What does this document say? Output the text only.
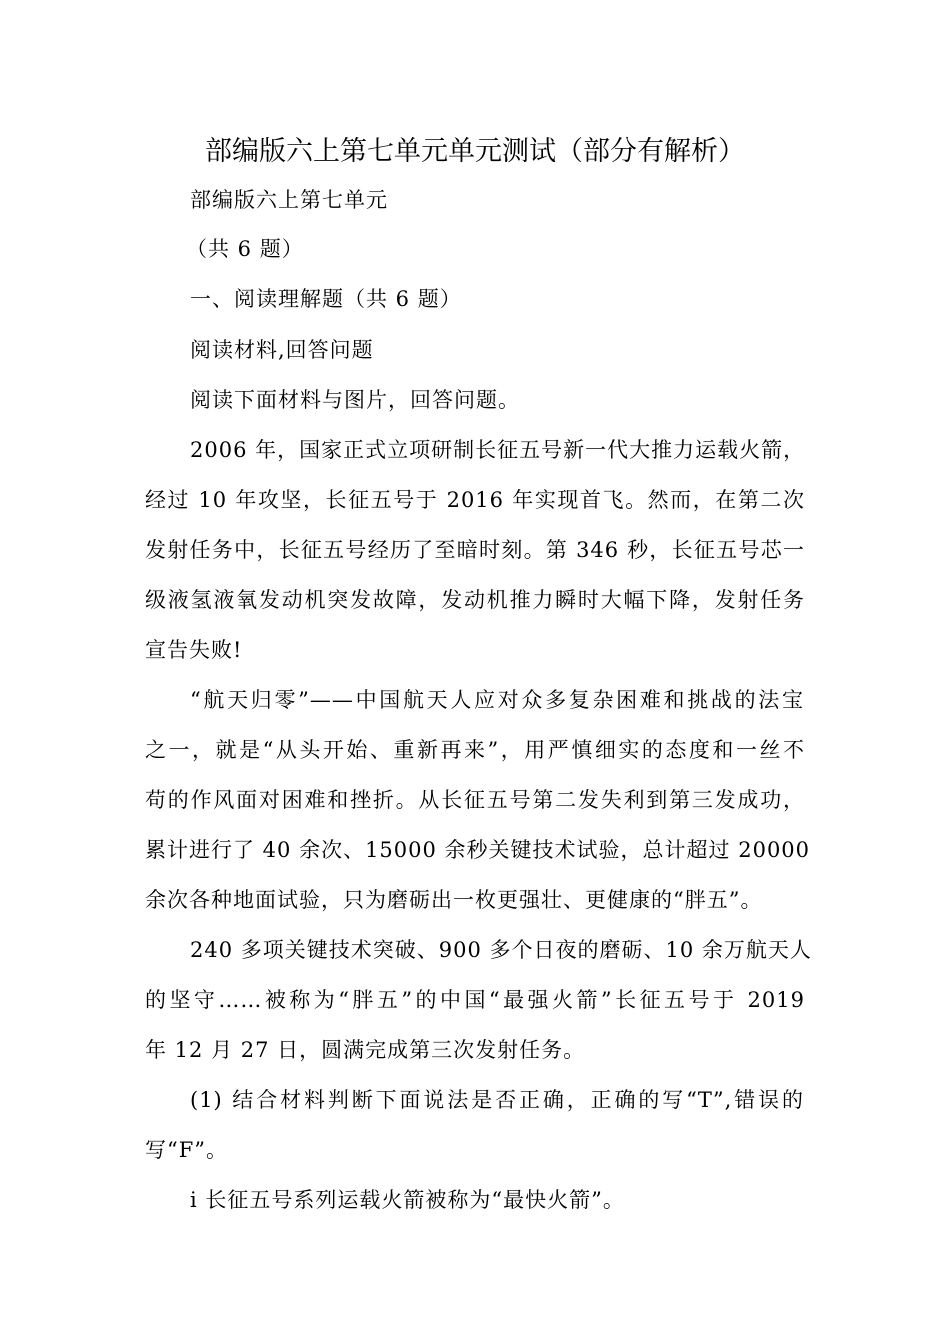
部编版六上第七单元单元测试（部分有解析）
部编版六上第七单元
（共 6 题）
一、阅读理解题（共 6 题）
阅读材料,回答问题
阅读下面材料与图片，回答问题。
2006 年，国家正式立项研制长征五号新一代大推力运载火箭，
经过 10 年攻坚，长征五号于 2016 年实现首飞。然而，在第二次
发射任务中，长征五号经历了至暗时刻。第 346 秒，长征五号芯一
级液氢液氧发动机突发故障，发动机推力瞬时大幅下降，发射任务
宣告失败!
“航天归零”——中国航天人应对众多复杂困难和挑战的法宝
之一，就是“从头开始、重新再来”，用严慎细实的态度和一丝不
苟的作风面对困难和挫折。从长征五号第二发失利到第三发成功，
累计进行了 40 余次、15000 余秒关键技术试验，总计超过 20000
余次各种地面试验，只为磨砺出一枚更强壮、更健康的“胖五”。
240 多项关键技术突破、900 多个日夜的磨砺、10 余万航天人
的坚守……被称为“胖五”的中国“最强火箭”长征五号于 2019
年 12 月 27 日，圆满完成第三次发射任务。
(1) 结合材料判断下面说法是否正确，正确的写“T”,错误的
写“F”。
i 长征五号系列运载火箭被称为“最快火箭”。
